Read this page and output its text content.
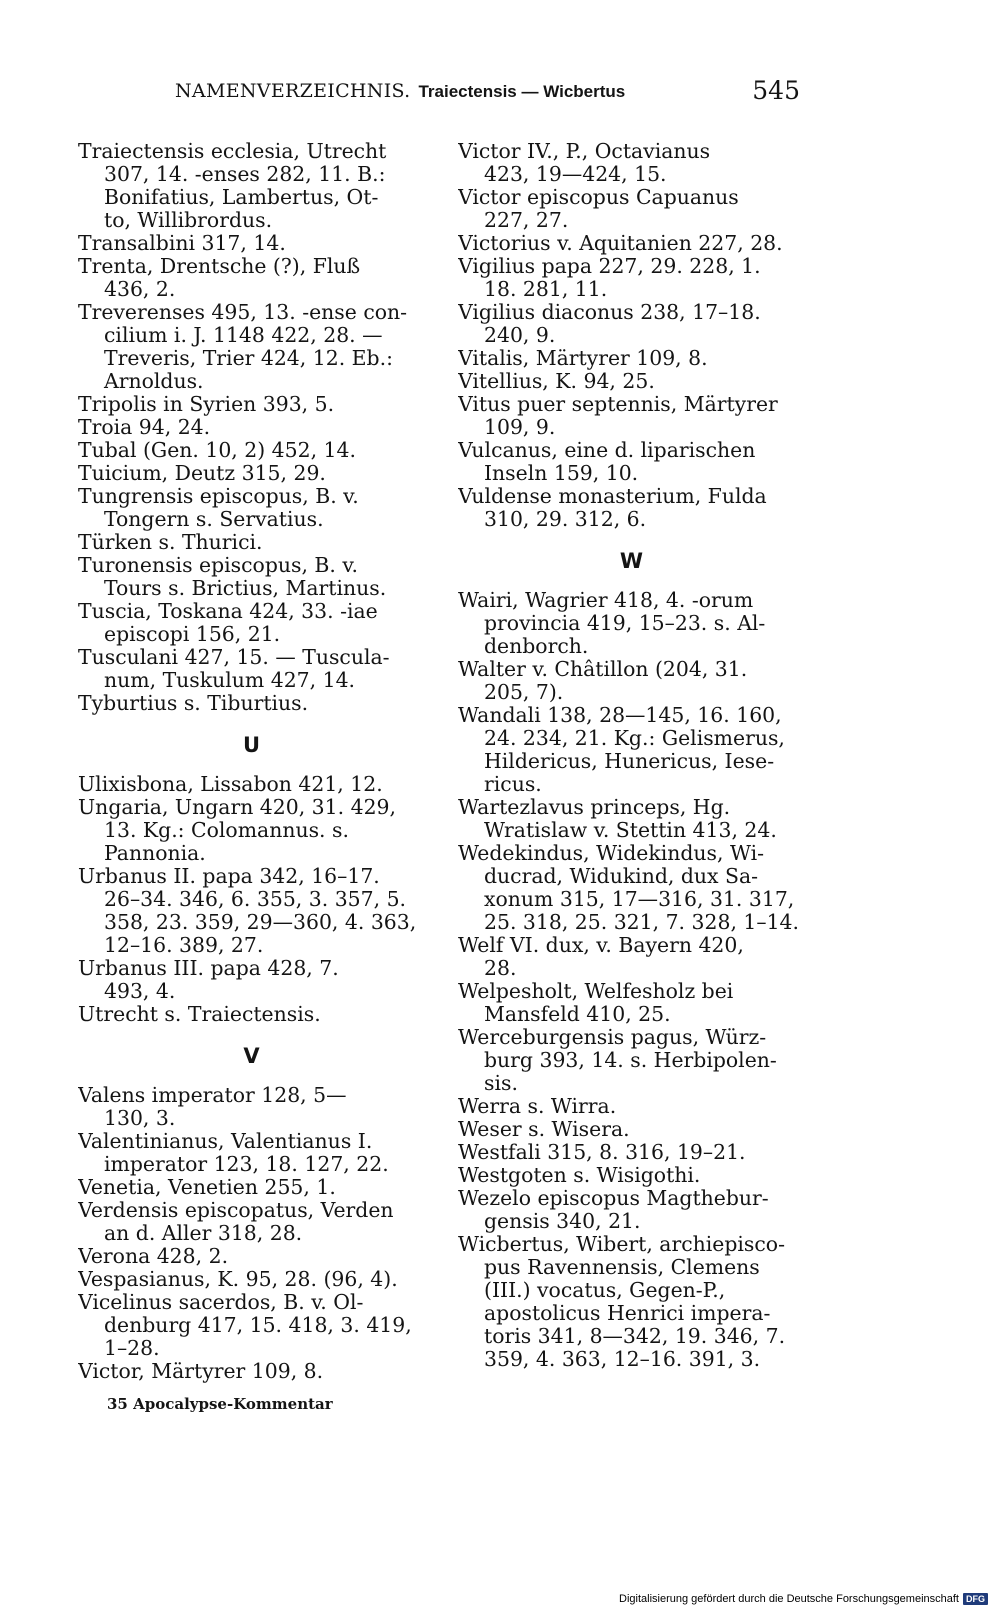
NAMENVERZEICHNIS. Traiectensis — Wicbertus	545
Traiectensis ecclesia, Utrecht
307, 14. -enses 282, 11. B.:
Bonifatius, Lambertus, Ot-
to, Willibrordus.
Transalbini 317, 14.
Trenta, Drentsche (?), Fluß
436, 2.
Treverenses 495, 13. -ense con-
cilium i. J. 1148 422, 28. —
Treveris, Trier 424, 12. Eb.:
Arnoldus.
Tripolis in Syrien 393, 5.
Troia 94, 24.
Tubal (Gen. 10, 2) 452, 14.
Tuicium, Deutz 315, 29.
Tungrensis episcopus, B. v.
Tongern s. Servatius.
Türken s. Thurici.
Turonensis episcopus, B. v.
Tours s. Brictius, Martinus.
Tuscia, Toskana 424, 33. -iae
episcopi 156, 21.
Tusculani 427, 15. — Tuscula-
num, Tuskulum 427, 14.
Tyburtius s. Tiburtius.
U
Ulixisbona, Lissabon 421, 12.
Ungaria, Ungarn 420, 31. 429,
13. Kg.: Colomannus. s.
Pannonia.
Urbanus II. papa 342, 16–17.
26–34. 346, 6. 355, 3. 357, 5.
358, 23. 359, 29—360, 4. 363,
12–16. 389, 27.
Urbanus III. papa 428, 7.
493, 4.
Utrecht s. Traiectensis.
V
Valens imperator 128, 5—
130, 3.
Valentinianus, Valentianus I.
imperator 123, 18. 127, 22.
Venetia, Venetien 255, 1.
Verdensis episcopatus, Verden
an d. Aller 318, 28.
Verona 428, 2.
Vespasianus, K. 95, 28. (96, 4).
Vicelinus sacerdos, B. v. Ol-
denburg 417, 15. 418, 3. 419,
1–28.
Victor, Märtyrer 109, 8.
Victor IV., P., Octavianus
423, 19—424, 15.
Victor episcopus Capuanus
227, 27.
Victorius v. Aquitanien 227, 28.
Vigilius papa 227, 29. 228, 1.
18. 281, 11.
Vigilius diaconus 238, 17–18.
240, 9.
Vitalis, Märtyrer 109, 8.
Vitellius, K. 94, 25.
Vitus puer septennis, Märtyrer
109, 9.
Vulcanus, eine d. liparischen
Inseln 159, 10.
Vuldense monasterium, Fulda
310, 29. 312, 6.
W
Wairi, Wagrier 418, 4. -orum
provincia 419, 15–23. s. Al-
denborch.
Walter v. Châtillon (204, 31.
205, 7).
Wandali 138, 28—145, 16. 160,
24. 234, 21. Kg.: Gelismerus,
Hildericus, Hunericus, Iese-
ricus.
Wartezlavus princeps, Hg.
Wratislaw v. Stettin 413, 24.
Wedekindus, Widekindus, Wi-
ducrad, Widukind, dux Sa-
xonum 315, 17—316, 31. 317,
25. 318, 25. 321, 7. 328, 1–14.
Welf VI. dux, v. Bayern 420,
28.
Welpesholt, Welfesholz bei
Mansfeld 410, 25.
Werceburgensis pagus, Würz-
burg 393, 14. s. Herbipolen-
sis.
Werra s. Wirra.
Weser s. Wisera.
Westfali 315, 8. 316, 19–21.
Westgoten s. Wisigothi.
Wezelo episcopus Magthebur-
gensis 340, 21.
Wicbertus, Wibert, archiepisco-
pus Ravennensis, Clemens
(III.) vocatus, Gegen-P.,
apostolicus Henrici impera-
toris 341, 8—342, 19. 346, 7.
359, 4. 363, 12–16. 391, 3.
35 Apocalypse-Kommentar
Digitalisierung gefördert durch die Deutsche Forschungsgemeinschaft DFG
